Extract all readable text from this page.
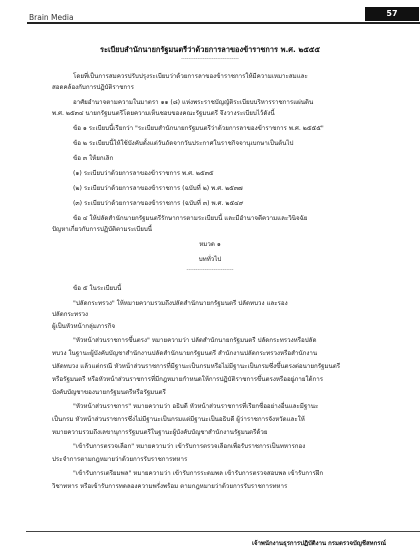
Brain Media	57
ระเบียบสำนักนายกรัฐมนตรีว่าด้วยการลาของข้าราชการ พ.ศ. ๒๕๕๕
--------------------------------
โดยที่เป็นการสมควรปรับปรุงระเบียบว่าด้วยการลาของข้าราชการให้มีความเหมาะสมและ
สอดคล้องกับการปฏิบัติราชการ
อาศัยอำนาจตามความในมาตรา ๑๑ (๘) แห่งพระราชบัญญัติระเบียบบริหารราชการแผ่นดิน
พ.ศ. ๒๕๓๔ นายกรัฐมนตรีโดยความเห็นชอบของคณะรัฐมนตรี จึงวางระเบียบไว้ดังนี้
ข้อ ๑ ระเบียบนี้เรียกว่า "ระเบียบสำนักนายกรัฐมนตรีว่าด้วยการลาของข้าราชการ พ.ศ. ๒๕๕๕"
ข้อ ๒ ระเบียบนี้ให้ใช้บังคับตั้งแต่วันถัดจากวันประกาศในราชกิจจานุเบกษาเป็นต้นไป
ข้อ ๓ ให้ยกเลิก
(๑) ระเบียบว่าด้วยการลาของข้าราชการ พ.ศ. ๒๕๓๕
(๒) ระเบียบว่าด้วยการลาของข้าราชการ (ฉบับที่ ๒) พ.ศ. ๒๕๓๗
(๓) ระเบียบว่าด้วยการลาของข้าราชการ (ฉบับที่ ๓) พ.ศ. ๒๕๔๙
ข้อ ๔ ให้ปลัดสำนักนายกรัฐมนตรีรักษาการตามระเบียบนี้ และมีอำนาจตีความและวินิจฉัย
ปัญหาเกี่ยวกับการปฏิบัติตามระเบียบนี้
หมวด ๑
บททั่วไป
--------------------------
ข้อ ๕ ในระเบียบนี้
"ปลัดกระทรวง" ให้หมายความรวมถึงปลัดสำนักนายกรัฐมนตรี ปลัดทบวง และรอง
ปลัดกระทรวง
ผู้เป็นหัวหน้ากลุ่มภารกิจ
"หัวหน้าส่วนราชการขึ้นตรง" หมายความว่า ปลัดสำนักนายกรัฐมนตรี ปลัดกระทรวงหรือปลัด
ทบวง ในฐานะผู้บังคับบัญชาสำนักงานปลัดสำนักนายกรัฐมนตรี สำนักงานปลัดกระทรวงหรือสำนักงาน
ปลัดทบวง แล้วแต่กรณี หัวหน้าส่วนราชการที่มีฐานะเป็นกรมหรือไม่มีฐานะเป็นกรมซึ่งขึ้นตรงต่อนายกรัฐมนตรี
หรือรัฐมนตรี หรือหัวหน้าส่วนราชการที่มีกฎหมายกำหนดให้การปฏิบัติราชการขึ้นตรงหรืออยู่ภายใต้การ
บังคับบัญชาของนายกรัฐมนตรีหรือรัฐมนตรี
"หัวหน้าส่วนราชการ" หมายความว่า อธิบดี หัวหน้าส่วนราชการที่เรียกชื่ออย่างอื่นและมีฐานะ
เป็นกรม หัวหน้าส่วนราชการซึ่งไม่มีฐานะเป็นกรมแต่มีฐานะเป็นอธิบดี ผู้ว่าราชการจังหวัดและให้
หมายความรวมถึงเลขานุการรัฐมนตรีในฐานะผู้บังคับบัญชาสำนักงานรัฐมนตรีด้วย
"เข้ารับการตรวจเลือก" หมายความว่า เข้ารับการตรวจเลือกเพื่อรับราชการเป็นทหารกอง
ประจำการตามกฎหมายว่าด้วยการรับราชการทหาร
"เข้ารับการเตรียมพล" หมายความว่า เข้ารับการระดมพล เข้ารับการตรวจสอบพล เข้ารับการฝึก
วิชาทหาร หรือเข้ารับการทดลองความพรั่งพร้อม ตามกฎหมายว่าด้วยการรับราชการทหาร
เจ้าพนักงานธุรการปฏิบัติงาน กรมตรวจบัญชีสหกรณ์
